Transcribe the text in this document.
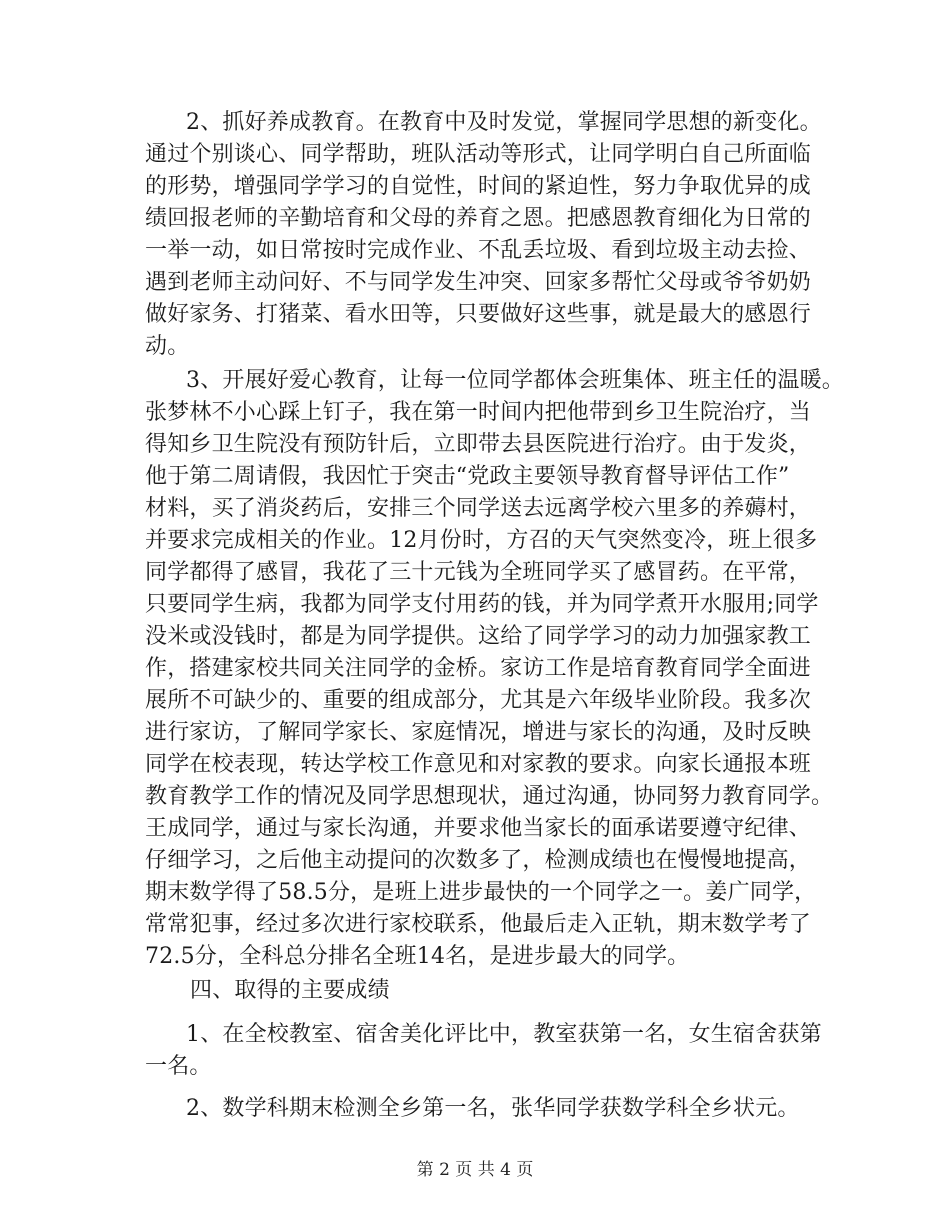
2、抓好养成教育。在教育中及时发觉，掌握同学思想的新变化。
通过个别谈心、同学帮助，班队活动等形式，让同学明白自己所面临
的形势，增强同学学习的自觉性，时间的紧迫性，努力争取优异的成
绩回报老师的辛勤培育和父母的养育之恩。把感恩教育细化为日常的
一举一动，如日常按时完成作业、不乱丢垃圾、看到垃圾主动去捡、
遇到老师主动问好、不与同学发生冲突、回家多帮忙父母或爷爷奶奶
做好家务、打猪菜、看水田等，只要做好这些事，就是最大的感恩行
动。
3、开展好爱心教育，让每一位同学都体会班集体、班主任的温暖。
张梦林不小心踩上钉子，我在第一时间内把他带到乡卫生院治疗，当
得知乡卫生院没有预防针后，立即带去县医院进行治疗。由于发炎，
他于第二周请假，我因忙于突击“党政主要领导教育督导评估工作”
材料，买了消炎药后，安排三个同学送去远离学校六里多的养薅村，
并要求完成相关的作业。12月份时，方召的天气突然变冷，班上很多
同学都得了感冒，我花了三十元钱为全班同学买了感冒药。在平常，
只要同学生病，我都为同学支付用药的钱，并为同学煮开水服用;同学
没米或没钱时，都是为同学提供。这给了同学学习的动力加强家教工
作，搭建家校共同关注同学的金桥。家访工作是培育教育同学全面进
展所不可缺少的、重要的组成部分，尤其是六年级毕业阶段。我多次
进行家访，了解同学家长、家庭情况，增进与家长的沟通，及时反映
同学在校表现，转达学校工作意见和对家教的要求。向家长通报本班
教育教学工作的情况及同学思想现状，通过沟通，协同努力教育同学。
王成同学，通过与家长沟通，并要求他当家长的面承诺要遵守纪律、
仔细学习，之后他主动提问的次数多了，检测成绩也在慢慢地提高，
期末数学得了58.5分，是班上进步最快的一个同学之一。姜广同学，
常常犯事，经过多次进行家校联系，他最后走入正轨，期末数学考了
72.5分，全科总分排名全班14名，是进步最大的同学。
四、取得的主要成绩
1、在全校教室、宿舍美化评比中，教室获第一名，女生宿舍获第
一名。
2、数学科期末检测全乡第一名，张华同学获数学科全乡状元。
第 2 页 共 4 页
